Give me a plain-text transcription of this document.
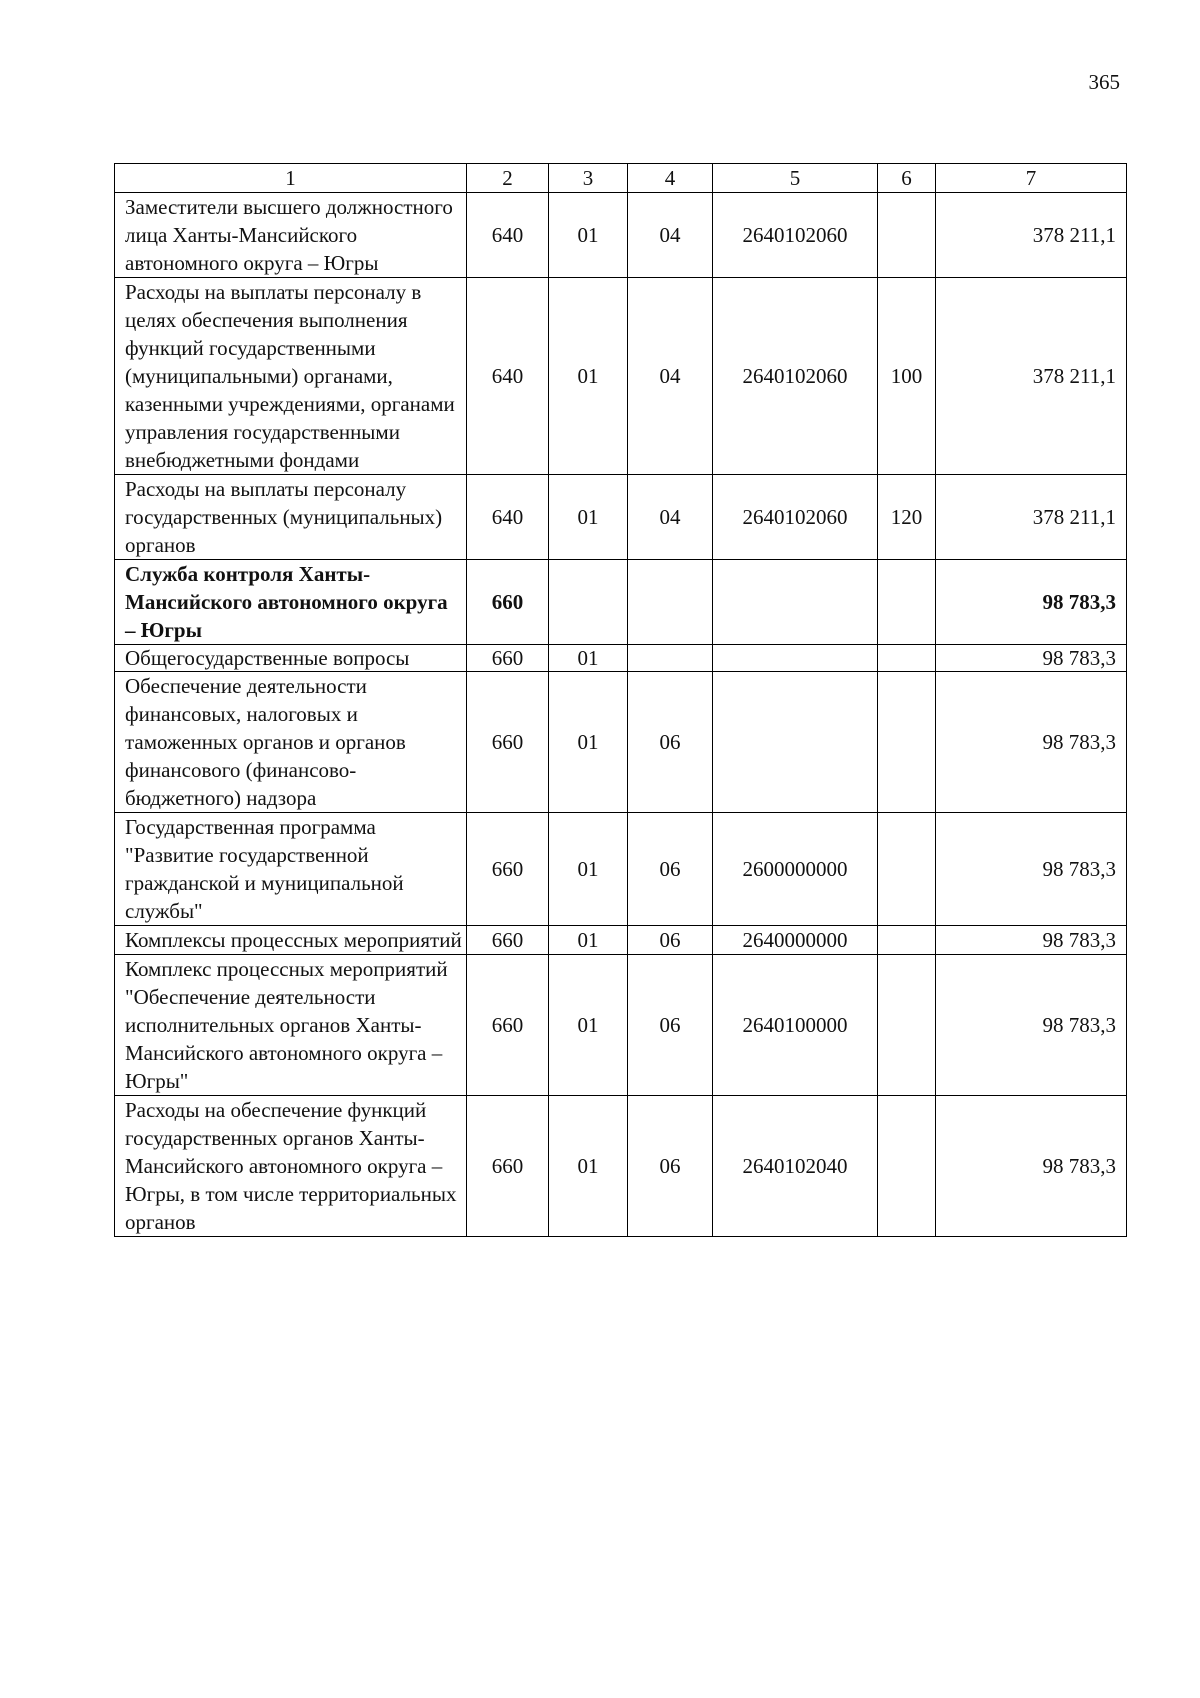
365
1	2	3	4	5	6	7
Заместители высшего должностного лица Ханты-Мансийского автономного округа – Югры	640	01	04	2640102060		378 211,1
Расходы на выплаты персоналу в целях обеспечения выполнения функций государственными (муниципальными) органами, казенными учреждениями, органами управления государственными внебюджетными фондами	640	01	04	2640102060	100	378 211,1
Расходы на выплаты персоналу государственных (муниципальных) органов	640	01	04	2640102060	120	378 211,1
Служба контроля Ханты-Мансийского автономного округа – Югры	660					98 783,3
Общегосударственные вопросы	660	01				98 783,3
Обеспечение деятельности финансовых, налоговых и таможенных органов и органов финансового (финансово-бюджетного) надзора	660	01	06			98 783,3
Государственная программа "Развитие государственной гражданской и муниципальной службы"	660	01	06	2600000000		98 783,3
Комплексы процессных мероприятий	660	01	06	2640000000		98 783,3
Комплекс процессных мероприятий "Обеспечение деятельности исполнительных органов Ханты-Мансийского автономного округа – Югры"	660	01	06	2640100000		98 783,3
Расходы на обеспечение функций государственных органов Ханты-Мансийского автономного округа – Югры, в том числе территориальных органов	660	01	06	2640102040		98 783,3
